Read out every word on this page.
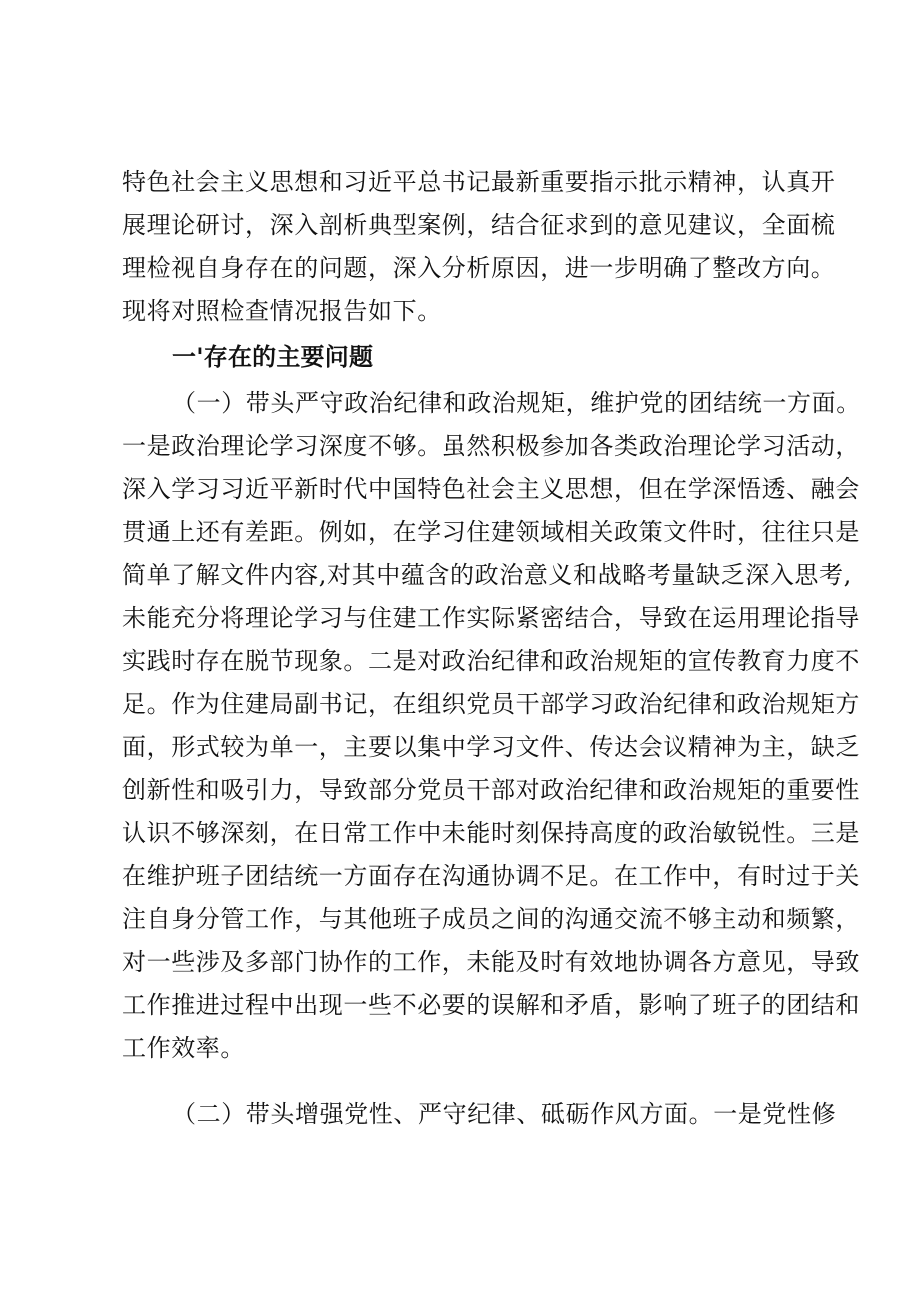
特色社会主义思想和习近平总书记最新重要指示批示精神，认真开
展理论研讨，深入剖析典型案例，结合征求到的意见建议，全面梳
理检视自身存在的问题，深入分析原因，进一步明确了整改方向。
现将对照检查情况报告如下。
一'存在的主要问题
（一）带头严守政治纪律和政治规矩，维护党的团结统一方面。
一是政治理论学习深度不够。虽然积极参加各类政治理论学习活动，
深入学习习近平新时代中国特色社会主义思想，但在学深悟透、融会
贯通上还有差距。例如，在学习住建领域相关政策文件时，往往只是
简单了解文件内容,对其中蕴含的政治意义和战略考量缺乏深入思考,
未能充分将理论学习与住建工作实际紧密结合，导致在运用理论指导
实践时存在脱节现象。二是对政治纪律和政治规矩的宣传教育力度不
足。作为住建局副书记，在组织党员干部学习政治纪律和政治规矩方
面，形式较为单一，主要以集中学习文件、传达会议精神为主，缺乏
创新性和吸引力，导致部分党员干部对政治纪律和政治规矩的重要性
认识不够深刻，在日常工作中未能时刻保持高度的政治敏锐性。三是
在维护班子团结统一方面存在沟通协调不足。在工作中，有时过于关
注自身分管工作，与其他班子成员之间的沟通交流不够主动和频繁，
对一些涉及多部门协作的工作，未能及时有效地协调各方意见，导致
工作推进过程中出现一些不必要的误解和矛盾，影响了班子的团结和
工作效率。
（二）带头增强党性、严守纪律、砥砺作风方面。一是党性修
